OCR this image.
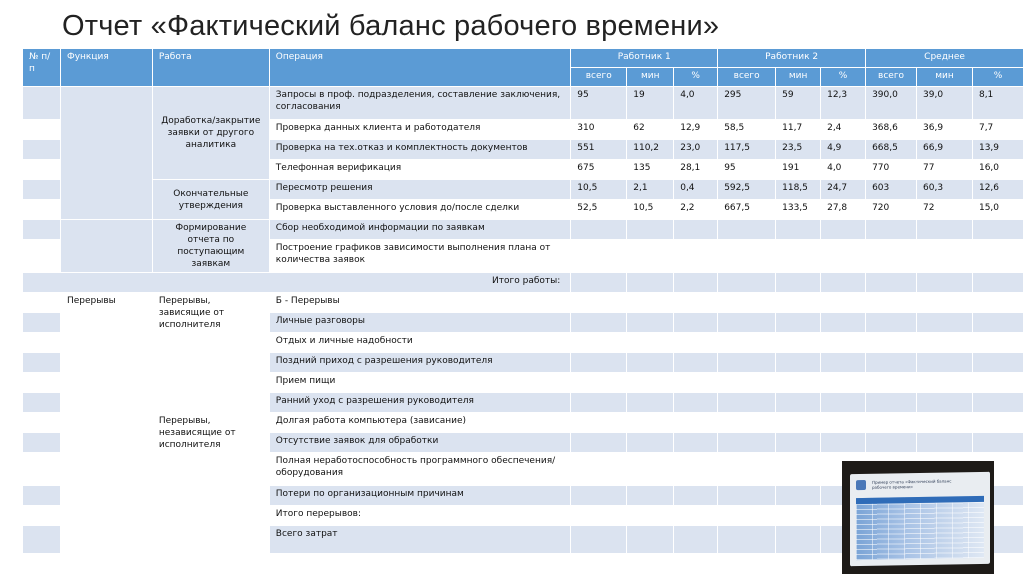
Отчет «Фактический баланс рабочего времени»
№ п/п	Функция	Работа	Операция	Работник 1			Работник 2			Среднее		
				всего	мин	%	всего	мин	%	всего	мин	%
		Доработка/закрытие заявки от другого аналитика	Запросы в проф. подразделения, составление заключения, согласования	95	19	4,0	295	59	12,3	390,0	39,0	8,1
			Проверка данных клиента и работодателя	310	62	12,9	58,5	11,7	2,4	368,6	36,9	7,7
			Проверка на тех.отказ и комплектность документов	551	110,2	23,0	117,5	23,5	4,9	668,5	66,9	13,9
			Телефонная верификация	675	135	28,1	95	191	4,0	770	77	16,0
		Окончательные утверждения	Пересмотр решения	10,5	2,1	0,4	592,5	118,5	24,7	603	60,3	12,6
			Проверка выставленного условия до/после сделки	52,5	10,5	2,2	667,5	133,5	27,8	720	72	15,0
		Формирование отчета по поступающим заявкам	Сбор необходимой информации по заявкам									
			Построение графиков зависимости выполнения плана от количества заявок									
Итого работы:												
	Перерывы	Перерывы, зависящие от исполнителя	Б - Перерывы									
			Личные разговоры									
			Отдых и личные надобности									
			Поздний приход с разрешения руководителя									
			Прием пищи									
			Ранний уход с разрешения руководителя									
		Перерывы, независящие от исполнителя	Долгая работа компьютера (зависание)									
			Отсутствие заявок для обработки									
			Полная неработоспособность программного обеспечения/оборудования									
			Потери по организационным причинам									
			Итого перерывов:									
			Всего затрат									
Пример отчета «Фактический баланс рабочего времени»
